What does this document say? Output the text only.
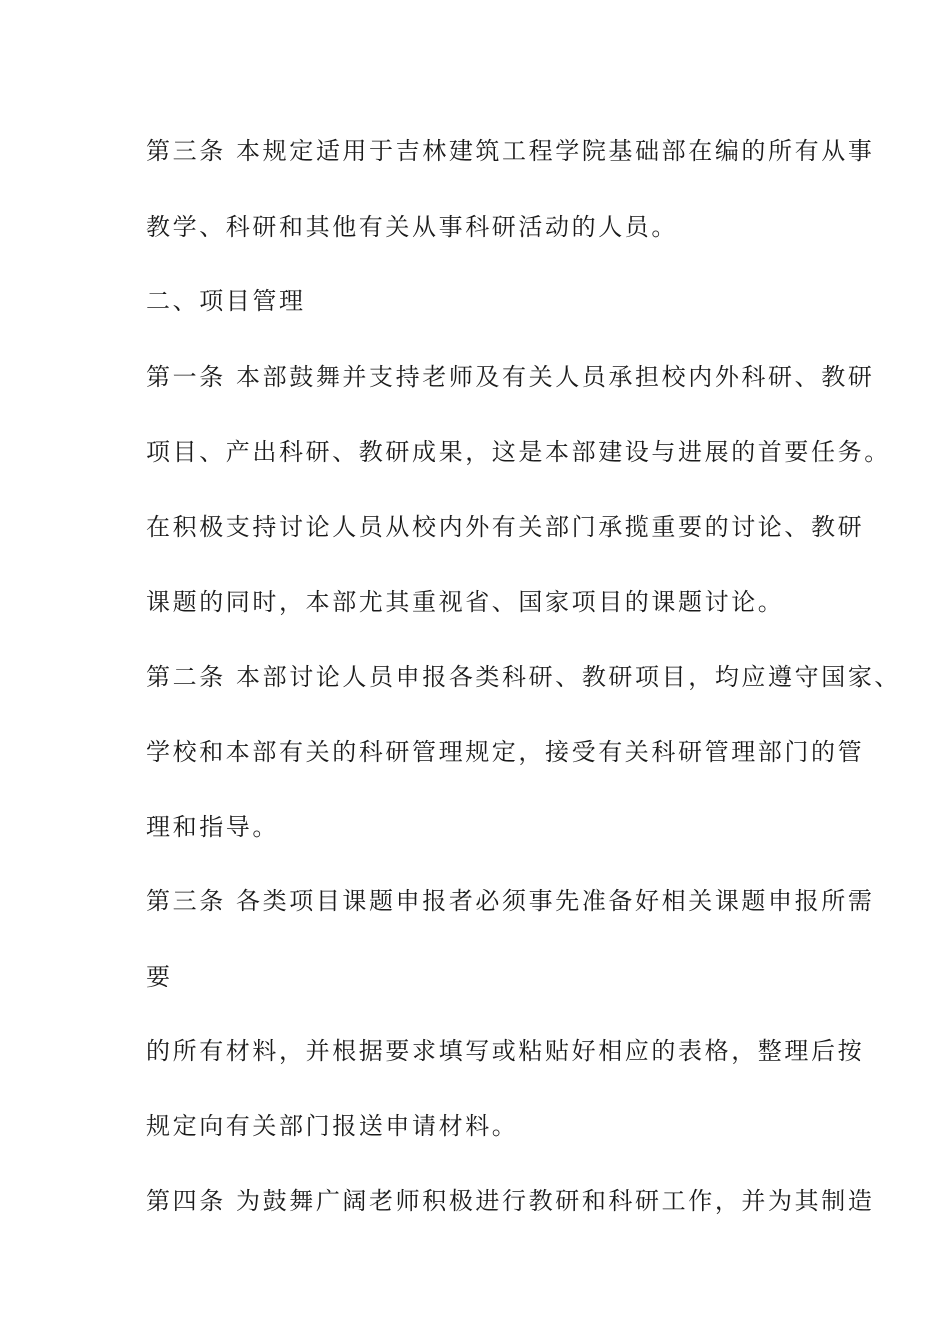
第三条 本规定适用于吉林建筑工程学院基础部在编的所有从事
教学、科研和其他有关从事科研活动的人员。
二、项目管理
第一条 本部鼓舞并支持老师及有关人员承担校内外科研、教研
项目、产出科研、教研成果，这是本部建设与进展的首要任务。
在积极支持讨论人员从校内外有关部门承揽重要的讨论、教研
课题的同时，本部尤其重视省、国家项目的课题讨论。
第二条 本部讨论人员申报各类科研、教研项目，均应遵守国家、
学校和本部有关的科研管理规定，接受有关科研管理部门的管
理和指导。
第三条 各类项目课题申报者必须事先准备好相关课题申报所需
要
的所有材料，并根据要求填写或粘贴好相应的表格，整理后按
规定向有关部门报送申请材料。
第四条 为鼓舞广阔老师积极进行教研和科研工作，并为其制造
